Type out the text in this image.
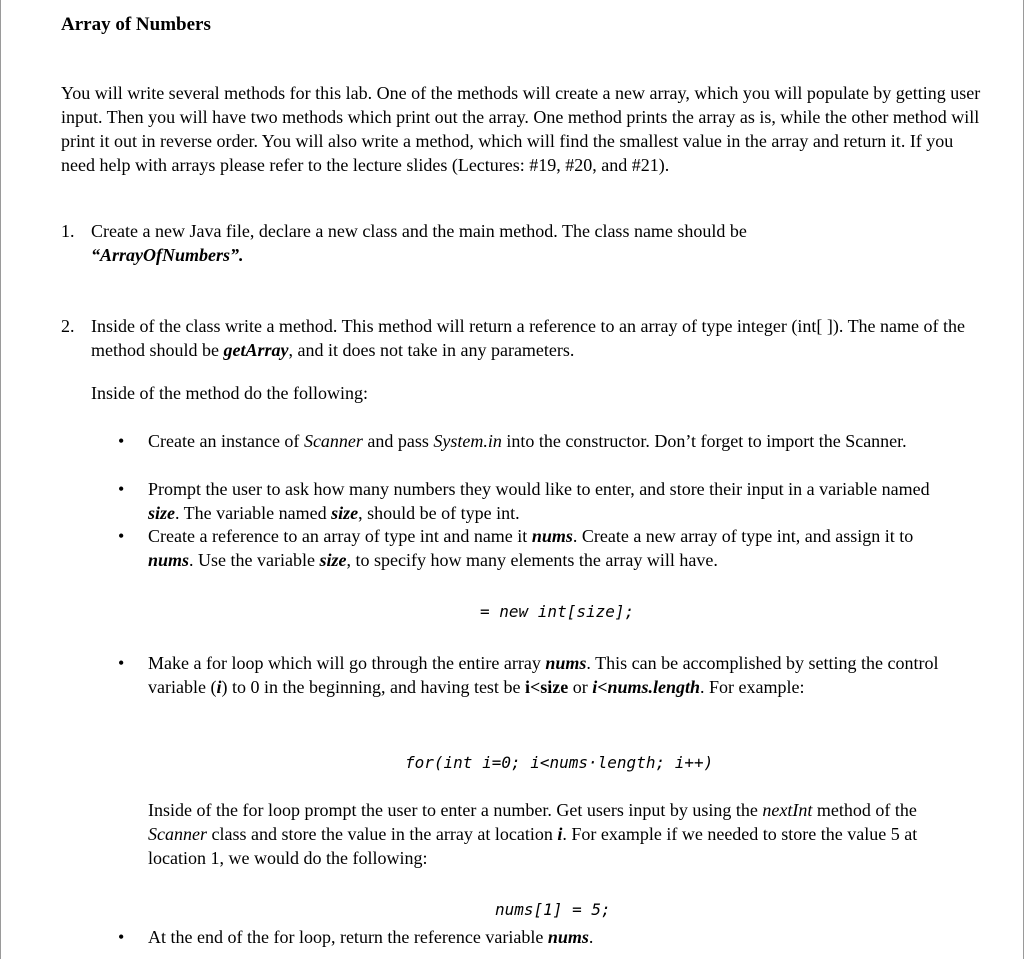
Array of Numbers

You will write several methods for this lab. One of the methods will create a new array, which you will populate by getting user input. Then you will have two methods which print out the array. One method prints the array as is, while the other method will print it out in reverse order. You will also write a method, which will find the smallest value in the array and return it. If you need help with arrays please refer to the lecture slides (Lectures: #19, #20, and #21).

1. Create a new Java file, declare a new class and the main method. The class name should be
“ArrayOfNumbers”.
2. Inside of the class write a method. This method will return a reference to an array of type integer (int[ ]). The name of the method should be getArray, and it does not take in any parameters.
Inside of the method do the following:
• Create an instance of Scanner and pass System.in into the constructor. Don’t forget to import the Scanner.
• Prompt the user to ask how many numbers they would like to enter, and store their input in a variable named size. The variable named size, should be of type int.
• Create a reference to an array of type int and name it nums. Create a new array of type int, and assign it to nums. Use the variable size, to specify how many elements the array will have.
= new int[size];
• Make a for loop which will go through the entire array nums. This can be accomplished by setting the control variable (i) to 0 in the beginning, and having test be i<size or i<nums.length. For example:
for(int i=0; i<nums·length; i++)
Inside of the for loop prompt the user to enter a number. Get users input by using the nextInt method of the Scanner class and store the value in the array at location i. For example if we needed to store the value 5 at location 1, we would do the following:
nums[1] = 5;
• At the end of the for loop, return the reference variable nums.
